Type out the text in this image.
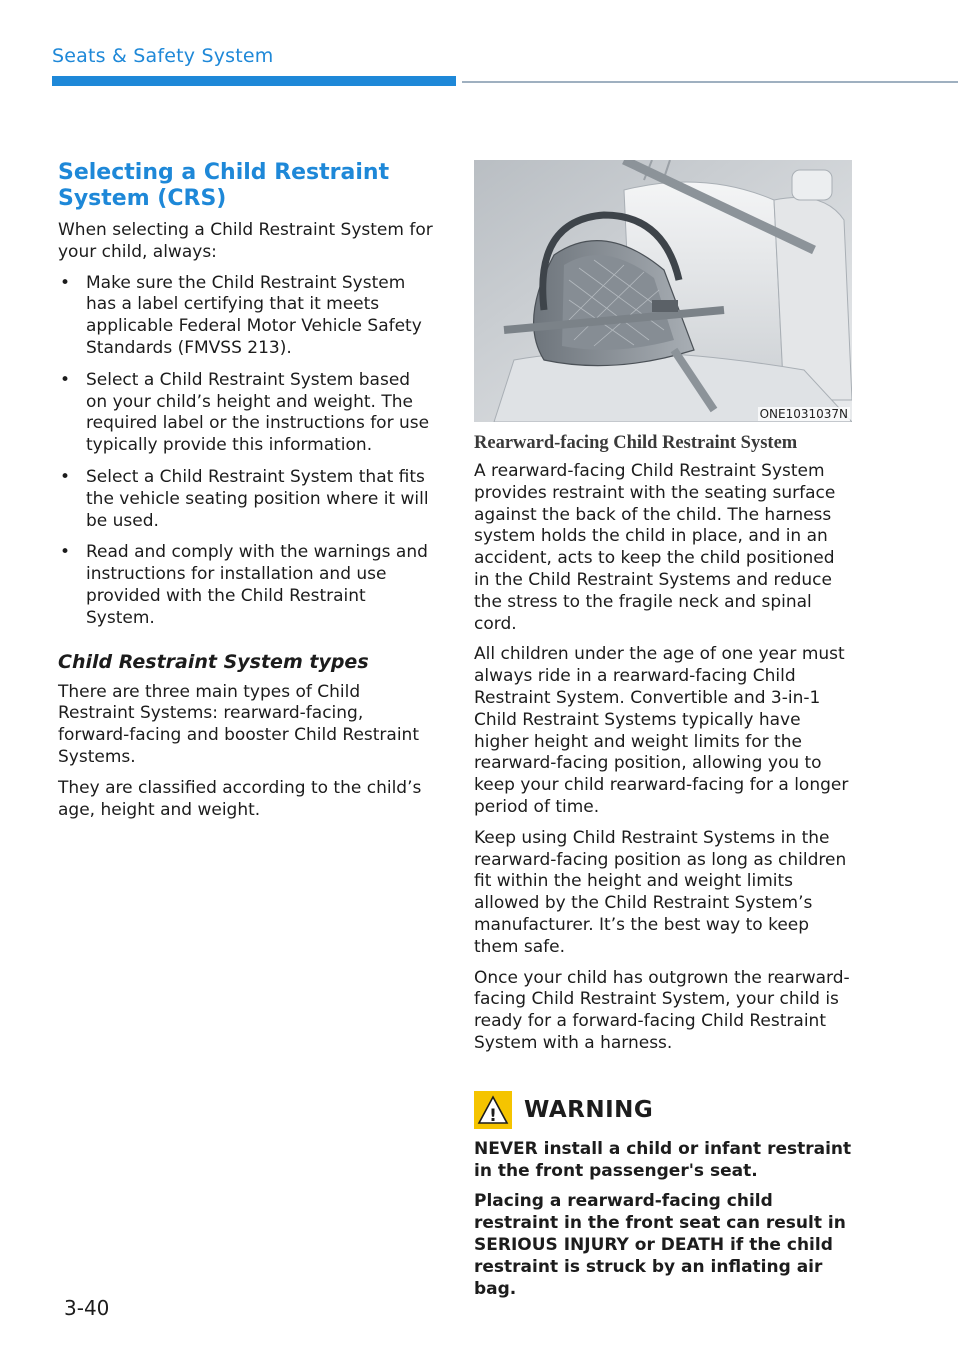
Seats & Safety System
Selecting a Child Restraint System (CRS)

When selecting a Child Restraint System for your child, always:

• Make sure the Child Restraint System has a label certifying that it meets applicable Federal Motor Vehicle Safety Standards (FMVSS 213).
• Select a Child Restraint System based on your child’s height and weight. The required label or the instructions for use typically provide this information.
• Select a Child Restraint System that fits the vehicle seating position where it will be used.
• Read and comply with the warnings and instructions for installation and use provided with the Child Restraint System.
Child Restraint System types

There are three main types of Child Restraint Systems: rearward-facing, forward-facing and booster Child Restraint Systems.

They are classified according to the child’s age, height and weight.

ONE1031037N
Rearward-facing Child Restraint System

A rearward-facing Child Restraint System provides restraint with the seating surface against the back of the child. The harness system holds the child in place, and in an accident, acts to keep the child positioned in the Child Restraint Systems and reduce the stress to the fragile neck and spinal cord.

All children under the age of one year must always ride in a rearward-facing Child Restraint System. Convertible and 3-in-1 Child Restraint Systems typically have higher height and weight limits for the rearward-facing position, allowing you to keep your child rearward-facing for a longer period of time.

Keep using Child Restraint Systems in the rearward-facing position as long as children fit within the height and weight limits allowed by the Child Restraint System’s manufacturer. It’s the best way to keep them safe.

Once your child has outgrown the rearward-facing Child Restraint System, your child is ready for a forward-facing Child Restraint System with a harness.

! WARNING

NEVER install a child or infant restraint in the front passenger's seat.

Placing a rearward-facing child restraint in the front seat can result in SERIOUS INJURY or DEATH if the child restraint is struck by an inflating air bag.

3-40
